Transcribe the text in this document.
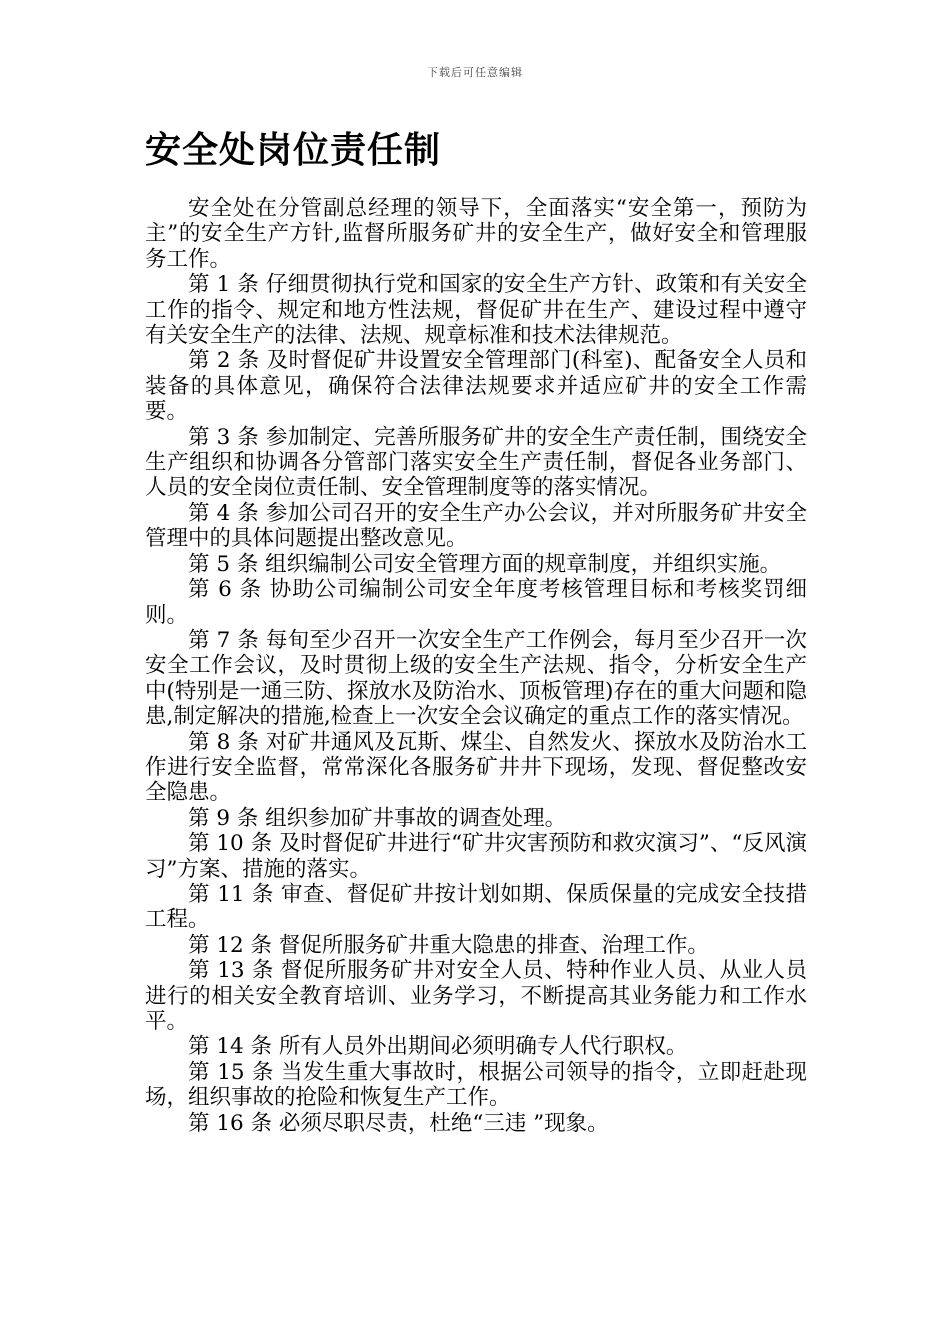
下载后可任意编辑
安全处岗位责任制

安全处在分管副总经理的领导下，全面落实“安全第一，预防为主”的安全生产方针,监督所服务矿井的安全生产，做好安全和管理服务工作。

第 1 条 仔细贯彻执行党和国家的安全生产方针、政策和有关安全工作的指令、规定和地方性法规，督促矿井在生产、建设过程中遵守有关安全生产的法律、法规、规章标准和技术法律规范。

第 2 条 及时督促矿井设置安全管理部门(科室)、配备安全人员和装备的具体意见，确保符合法律法规要求并适应矿井的安全工作需要。

第 3 条 参加制定、完善所服务矿井的安全生产责任制，围绕安全生产组织和协调各分管部门落实安全生产责任制，督促各业务部门、人员的安全岗位责任制、安全管理制度等的落实情况。

第 4 条 参加公司召开的安全生产办公会议，并对所服务矿井安全管理中的具体问题提出整改意见。

第 5 条 组织编制公司安全管理方面的规章制度，并组织实施。

第 6 条 协助公司编制公司安全年度考核管理目标和考核奖罚细则。

第 7 条 每旬至少召开一次安全生产工作例会，每月至少召开一次安全工作会议，及时贯彻上级的安全生产法规、指令，分析安全生产中(特别是一通三防、探放水及防治水、顶板管理)存在的重大问题和隐患,制定解决的措施,检查上一次安全会议确定的重点工作的落实情况。

第 8 条 对矿井通风及瓦斯、煤尘、自然发火、探放水及防治水工作进行安全监督，常常深化各服务矿井井下现场，发现、督促整改安全隐患。

第 9 条 组织参加矿井事故的调查处理。

第 10 条 及时督促矿井进行“矿井灾害预防和救灾演习”、“反风演习”方案、措施的落实。

第 11 条 审查、督促矿井按计划如期、保质保量的完成安全技措工程。

第 12 条 督促所服务矿井重大隐患的排查、治理工作。

第 13 条 督促所服务矿井对安全人员、特种作业人员、从业人员进行的相关安全教育培训、业务学习，不断提高其业务能力和工作水平。

第 14 条 所有人员外出期间必须明确专人代行职权。

第 15 条 当发生重大事故时，根据公司领导的指令，立即赶赴现场，组织事故的抢险和恢复生产工作。

第 16 条 必须尽职尽责，杜绝“三违 ”现象。
